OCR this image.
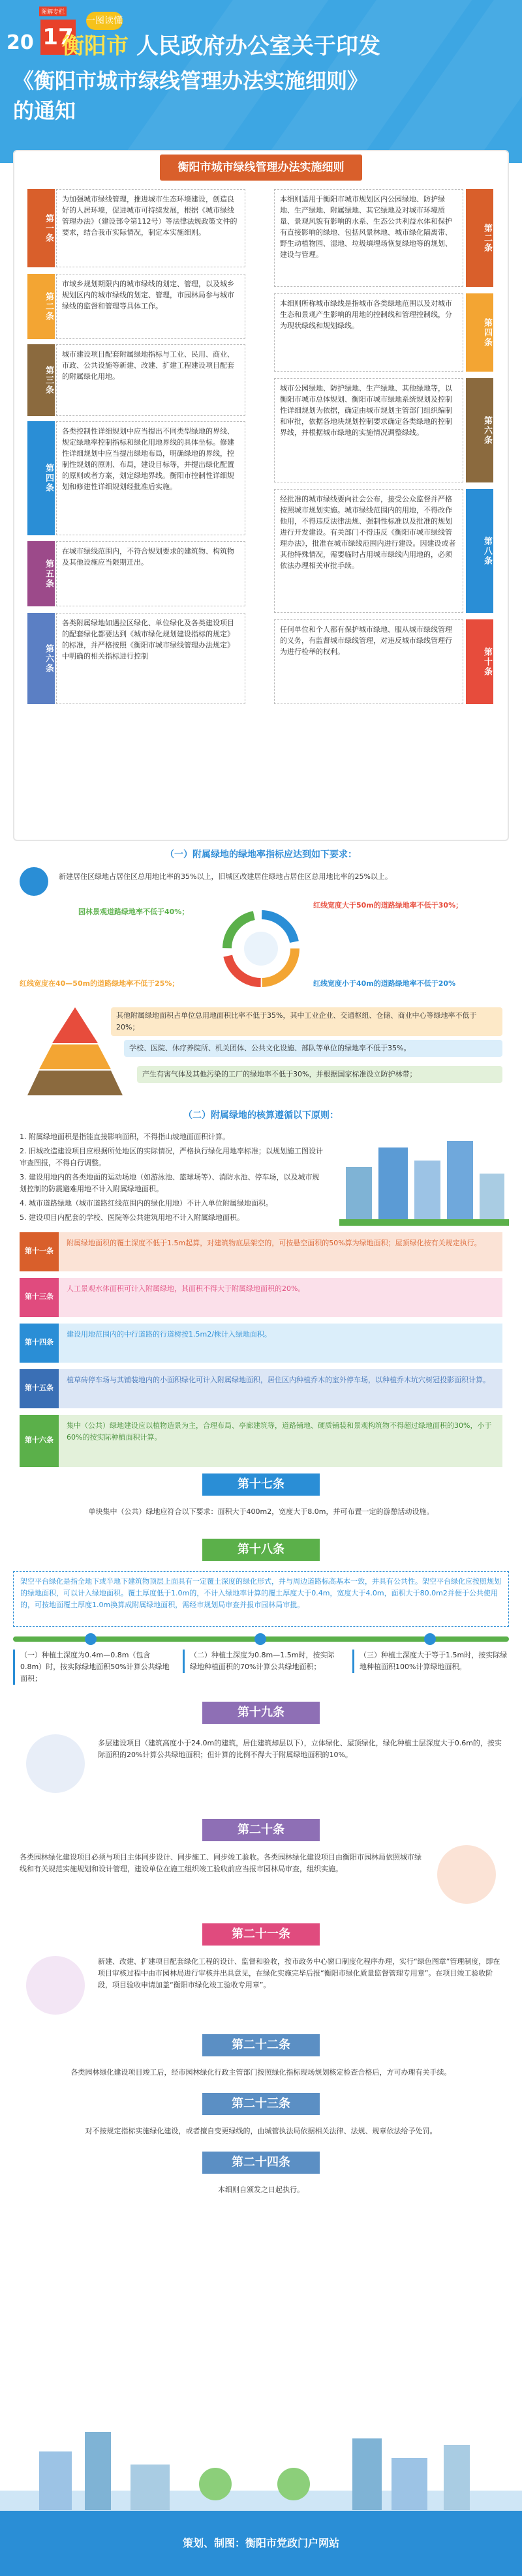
图解专栏
20 17
一图读懂
衡阳市 人民政府办公室关于印发
《衡阳市城市绿线管理办法实施细则》
的通知
衡阳市城市绿线管理办法实施细则
第一条
为加强城市绿线管理，推进城市生态环境建设，创造良好的人居环境，促进城市可持续发展，根据《城市绿线管理办法》（建设部令第112号）等法律法规政策文件的要求，结合我市实际情况，制定本实施细则。
第二条
市域乡规划期限内的城市绿线的划定、管理，以及城乡规划区内的城市绿线的划定、管理，市园林局参与城市绿线的监督和管理等具体工作。
第三条
城市建设项目配套附属绿地指标与工业、民用、商业、市政、公共设施等新建、改建、扩建工程建设项目配套的附属绿化用地。
第四条
各类控制性详细规划中应当提出不同类型绿地的界线、规定绿地率控制指标和绿化用地界线的具体坐标。修建性详细规划中应当提出绿地布局，明确绿地的界线，控制性规划的原则、布局，建设目标等，并提出绿化配置的原则或者方案，划定绿地界线。衡阳市控制性详细规划和修建性详细规划经批准后实施。
第五条
在城市绿线范围内，不符合规划要求的建筑物、构筑物及其他设施应当限期迁出。
第六条
各类附属绿地如遇拉区绿化、单位绿化及各类建设项目的配套绿化都要达到《城市绿化规划建设指标的规定》的标准，并严格按照《衡阳市城市绿线管理办法规定》中明确的相关指标进行控制
本细则适用于衡阳市城市规划区内公园绿地、防护绿地、生产绿地、附属绿地、其它绿地及对城市环境质量、景观风貌有影响的水系、生态公共利益水体和保护有直接影响的绿地、包括风景林地、城市绿化隔离带、野生动植物园、湿地、垃圾填埋场恢复绿地等的规划、建设与管理。
第二条
本细则所称城市绿线是指城市各类绿地范围以及对城市生态和景观产生影响的用地的控制线和管理控制线，分为现状绿线和规划绿线。	第四条
城市公园绿地、防护绿地、生产绿地、其他绿地等，以衡阳市城市总体规划、衡阳市城市绿地系统规划及控制性详细规划为依据，确定由城市规划主管部门组织编制和审批，依据各地块规划控制要求确定各类绿地的控制界线，并根据城市绿地的实施情况调整绿线。	第六条
经批准的城市绿线要向社会公布，接受公众监督并严格按照城市规划实施。城市绿线范围内的用地，不得改作他用，不得违反法律法规、强制性标准以及批准的规划进行开发建设。有关部门不得违反《衡阳市城市绿线管理办法》，批准在城市绿线范围内进行建设。因建设或者其他特殊情况，需要临时占用城市绿线内用地的，必须依法办理相关审批手续。	第八条
任何单位和个人都有保护城市绿地、服从城市绿线管理的义务，有监督城市绿线管理，对违反城市绿线管理行为进行检举的权利。	第十条
（一）附属绿地的绿地率指标应达到如下要求：
新建居住区绿地占居住区总用地比率的35%以上，旧城区改建居住绿地占居住区总用地比率的25%以上。
园林景观道路绿地率不低于40%；
红线宽度大于50m的道路绿地率不低于30%；
红线宽度在40—50m的道路绿地率不低于25%；	红线宽度小于40m的道路绿地率不低于20%
其他附属绿地面积占单位总用地面积比率不低于35%，其中工业企业、交通枢纽、仓储、商业中心等绿地率不低于20%；
学校、医院、休疗养院所、机关团体、公共文化设施、部队等单位的绿地率不低于35%。
产生有害气体及其他污染的工厂的绿地率不低于30%，并根据国家标准设立防护林带；
（二）附属绿地的核算遵循以下原则：
1. 附属绿地面积是指能直接影响面积，不得指山坡地面面积计算。
2. 旧城改造建设项目应根据所处地区的实际情况，严格执行绿化用地率标准；以规划施工图设计审查图报，不得自行调整。
3. 建设用地内的各类地面的运动场地（如游泳池、篮球场等）、消防水池、停车场，以及城市规划控制的防震避难用地不计入附属绿地面积。
4. 城市道路绿地（城市道路红线范围内的绿化用地）不计入单位附属绿地面积。
5. 建设项目内配套的学校、医院等公共建筑用地不计入附属绿地面积。
第十一条
附属绿地面积的覆土深度不低于1.5m起算，对建筑物底层架空的，可按悬空面积的50%算为绿地面积；屋顶绿化按有关规定执行。
第十三条
人工景观水体面积可计入附属绿地，其面积不得大于附属绿地面积的20%。
第十四条
建设用地范围内的中行道路的行道树按1.5m2/株计入绿地面积。
第十五条
植草砖停车场与其铺装地内的小面积绿化可计入附属绿地面积，居住区内种植乔木的室外停车场，以种植乔木坑穴树冠投影面积计算。
第十六条
集中（公共）绿地建设应以植物造景为主，合理布局、亭廊建筑等，道路铺地、硬质铺装和景观构筑物不得超过绿地面积的30%，小于60%的按实际种植面积计算。
第十七条
单块集中（公共）绿地应符合以下要求：面积大于400m2，宽度大于8.0m，并可布置一定的游憩活动设施。
第十八条
架空平台绿化是指全地下或半地下建筑物顶层上面具有一定覆土深度的绿化形式，并与周边道路标高基本一致，并具有公共性。架空平台绿化应按照规划的绿地面积，可以计入绿地面积。覆土厚度低于1.0m的，不计入绿地率计算的覆土厚度大于0.4m，宽度大于4.0m，面积大于80.0m2并便于公共使用的，可按地面覆土厚度1.0m换算成附属绿地面积，需经市规划局审查并报市园林局审批。
（一）种植土深度为0.4m—0.8m（包含0.8m）时，按实际绿地面积50%计算公共绿地面积；
（二）种植土深度为0.8m—1.5m时，按实际绿地种植面积的70%计算公共绿地面积；
（三）种植土深度大于等于1.5m时，按实际绿地种植面积100%计算绿地面积。
第十九条
多层建设项目（建筑高度小于24.0m的建筑，居住建筑却层以下），立体绿化、屋顶绿化，绿化种植土层深度大于0.6m的，按实际面积的20%计算公共绿地面积；但计算的比例不得大于附属绿地面积的10%。
第二十条
各类园林绿化建设项目必须与项目主体同步设计、同步施工、同步竣工验收。各类园林绿化建设项目由衡阳市园林局依照城市绿线和有关规范实施规划和设计管理，建设单位在施工组织竣工验收前应当报市园林局审查，组织实施。
第二十一条
新建、改建、扩建项目配套绿化工程的设计、监督和验收，按市政务中心窗口制度化程序办理，实行“绿色图章”管理制度，即在项目审核过程中由市园林局进行审核并出具意见，在绿化实施完毕后报“衡阳市绿化质量监督管理专用章”。在项目竣工验收阶段，项目验收申请加盖“衡阳市绿化竣工验收专用章”。
第二十二条
各类园林绿化建设项目竣工后，经市园林绿化行政主管部门按照绿化指标现场规划核定检查合格后，方可办理有关手续。
第二十三条
对不按规定指标实施绿化建设，或者擅自变更绿线的，由城管执法局依据相关法律、法规、规章依法给予处罚。
第二十四条
本细则自颁发之日起执行。
策划、制图：衡阳市党政门户网站
